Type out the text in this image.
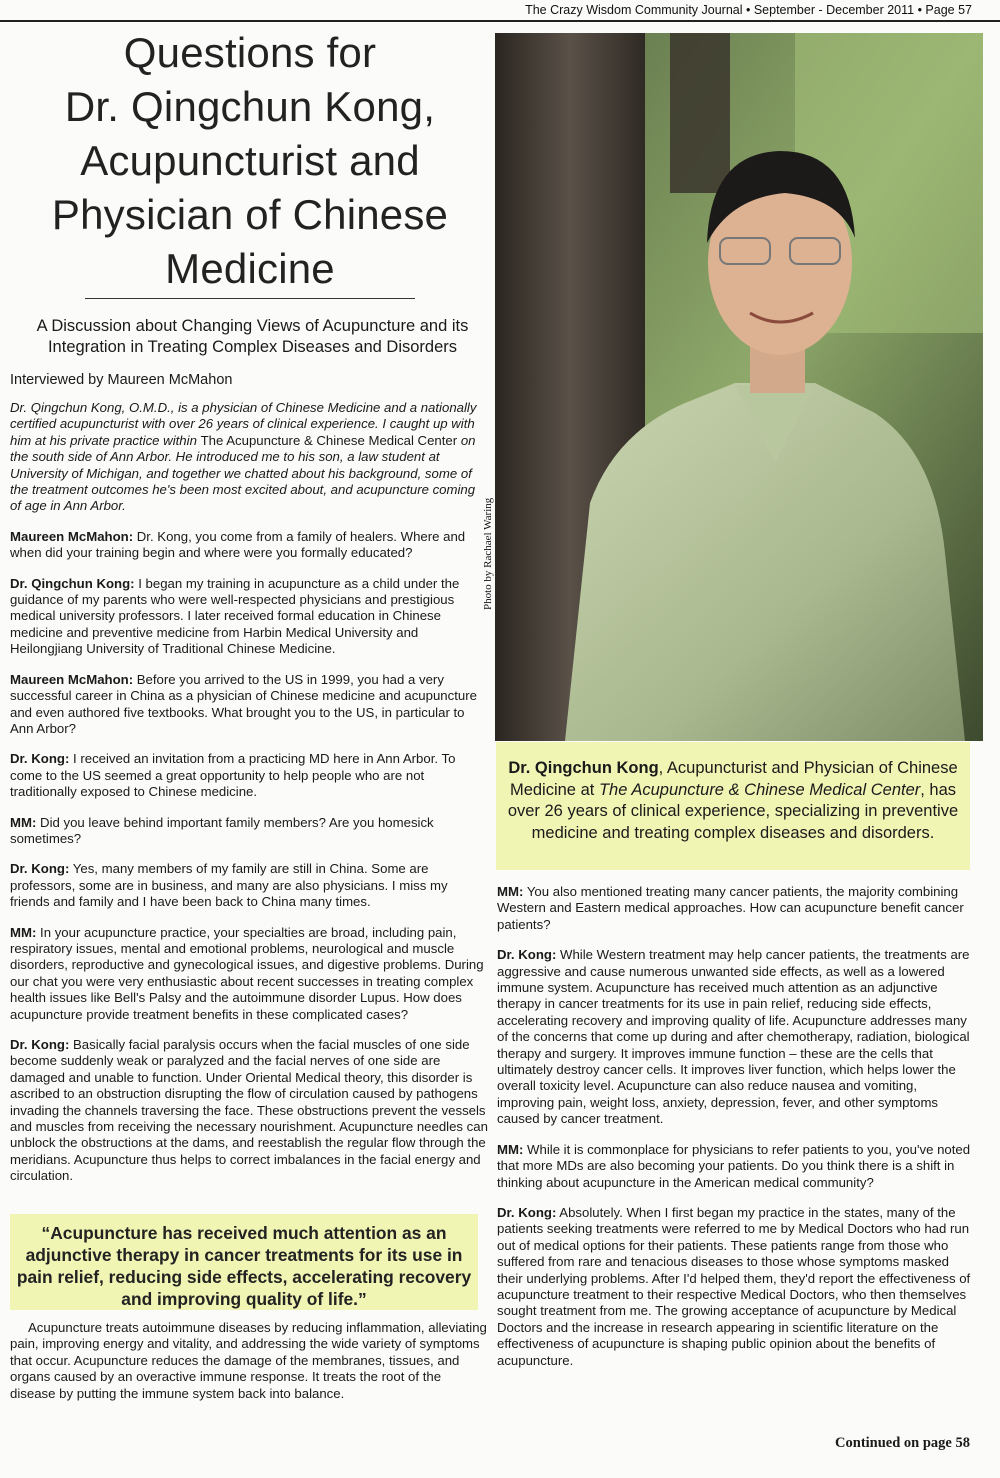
The Crazy Wisdom Community Journal • September - December 2011 • Page 57
Questions for
Dr. Qingchun Kong,
Acupuncturist and
Physician of Chinese
Medicine
A Discussion about Changing Views of Acupuncture and its
Integration in Treating Complex Diseases and Disorders
Interviewed by Maureen McMahon

Dr. Qingchun Kong, O.M.D., is a physician of Chinese Medicine and a nationally certified acupuncturist with over 26 years of clinical experience. I caught up with him at his private practice within The Acupuncture & Chinese Medical Center on the south side of Ann Arbor. He introduced me to his son, a law student at University of Michigan, and together we chatted about his background, some of the treatment outcomes he's been most excited about, and acupuncture coming of age in Ann Arbor.

Maureen McMahon: Dr. Kong, you come from a family of healers. Where and when did your training begin and where were you formally educated?

Dr. Qingchun Kong: I began my training in acupuncture as a child under the guidance of my parents who were well-respected physicians and prestigious medical university professors. I later received formal education in Chinese medicine and preventive medicine from Harbin Medical University and Heilongjiang University of Traditional Chinese Medicine.

Maureen McMahon: Before you arrived to the US in 1999, you had a very successful career in China as a physician of Chinese medicine and acupuncture and even authored five textbooks. What brought you to the US, in particular to Ann Arbor?

Dr. Kong: I received an invitation from a practicing MD here in Ann Arbor. To come to the US seemed a great opportunity to help people who are not traditionally exposed to Chinese medicine.

MM: Did you leave behind important family members? Are you homesick sometimes?

Dr. Kong: Yes, many members of my family are still in China. Some are professors, some are in business, and many are also physicians. I miss my friends and family and I have been back to China many times.

MM: In your acupuncture practice, your specialties are broad, including pain, respiratory issues, mental and emotional problems, neurological and muscle disorders, reproductive and gynecological issues, and digestive problems. During our chat you were very enthusiastic about recent successes in treating complex health issues like Bell's Palsy and the autoimmune disorder Lupus. How does acupuncture provide treatment benefits in these complicated cases?

Dr. Kong: Basically facial paralysis occurs when the facial muscles of one side become suddenly weak or paralyzed and the facial nerves of one side are damaged and unable to function. Under Oriental Medical theory, this disorder is ascribed to an obstruction disrupting the flow of circulation caused by pathogens invading the channels traversing the face. These obstructions prevent the vessels and muscles from receiving the necessary nourishment. Acupuncture needles can unblock the obstructions at the dams, and reestablish the regular flow through the meridians. Acupuncture thus helps to correct imbalances in the facial energy and circulation.

“Acupuncture has received much attention as an adjunctive therapy in cancer treatments for its use in pain relief, reducing side effects, accelerating recovery and improving quality of life.”
Acupuncture treats autoimmune diseases by reducing inflammation, alleviating pain, improving energy and vitality, and addressing the wide variety of symptoms that occur. Acupuncture reduces the damage of the membranes, tissues, and organs caused by an overactive immune response. It treats the root of the disease by putting the immune system back into balance.
Photo by Rachael Waring
Dr. Qingchun Kong, Acupuncturist and Physician of Chinese Medicine at The Acupuncture & Chinese Medical Center, has over 26 years of clinical experience, specializing in preventive medicine and treating complex diseases and disorders.

MM: You also mentioned treating many cancer patients, the majority combining Western and Eastern medical approaches. How can acupuncture benefit cancer patients?

Dr. Kong: While Western treatment may help cancer patients, the treatments are aggressive and cause numerous unwanted side effects, as well as a lowered immune system. Acupuncture has received much attention as an adjunctive therapy in cancer treatments for its use in pain relief, reducing side effects, accelerating recovery and improving quality of life. Acupuncture addresses many of the concerns that come up during and after chemotherapy, radiation, biological therapy and surgery. It improves immune function – these are the cells that ultimately destroy cancer cells. It improves liver function, which helps lower the overall toxicity level. Acupuncture can also reduce nausea and vomiting, improving pain, weight loss, anxiety, depression, fever, and other symptoms caused by cancer treatment.

MM: While it is commonplace for physicians to refer patients to you, you've noted that more MDs are also becoming your patients. Do you think there is a shift in thinking about acupuncture in the American medical community?

Dr. Kong: Absolutely. When I first began my practice in the states, many of the patients seeking treatments were referred to me by Medical Doctors who had run out of medical options for their patients. These patients range from those who suffered from rare and tenacious diseases to those whose symptoms masked their underlying problems. After I'd helped them, they'd report the effectiveness of acupuncture treatment to their respective Medical Doctors, who then themselves sought treatment from me. The growing acceptance of acupuncture by Medical Doctors and the increase in research appearing in scientific literature on the effectiveness of acupuncture is shaping public opinion about the benefits of acupuncture.

Continued on page 58
